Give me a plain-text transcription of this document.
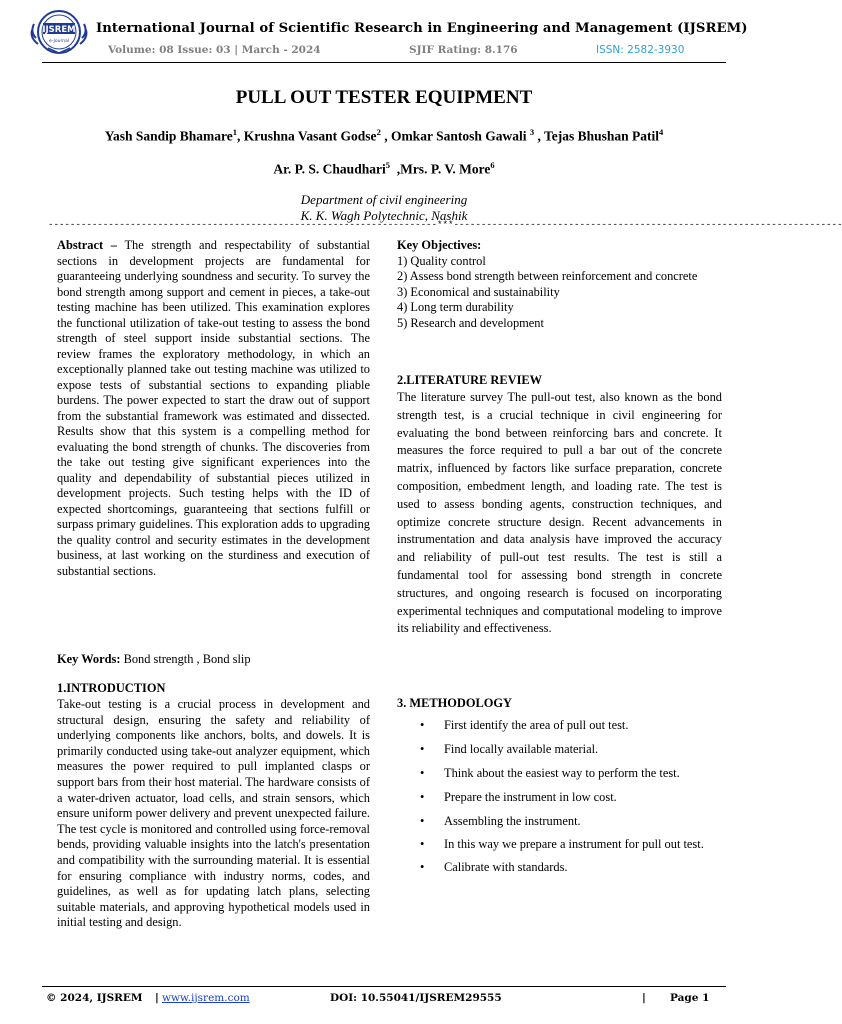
IJSREM
e-Journal
International Journal of Scientific Research in Engineering and Management (IJSREM)
Volume: 08 Issue: 03 | March - 2024	SJIF Rating: 8.176	ISSN: 2582-3930
PULL OUT TESTER EQUIPMENT
Yash Sandip Bhamare$^1$, Krushna Vasant Godse$^2$ , Omkar Santosh Gawali $^3$ , Tejas Bhushan Patil$^4$
Ar. P. S. Chaudhari$^5$  ,Mrs. P. V. More$^6$
Department of civil engineering
K. K. Wagh Polytechnic, Nashik
-----------------------------------------------------------------------***-----------------------------------------------------------------------
Abstract – The strength and respectability of substantial sections in development projects are fundamental for guaranteeing underlying soundness and security. To survey the bond strength among support and cement in pieces, a take-out testing machine has been utilized. This examination explores the functional utilization of take-out testing to assess the bond strength of steel support inside substantial sections. The review frames the exploratory methodology, in which an exceptionally planned take out testing machine was utilized to expose tests of substantial sections to expanding pliable burdens. The power expected to start the draw out of support from the substantial framework was estimated and dissected. Results show that this system is a compelling method for evaluating the bond strength of chunks. The discoveries from the take out testing give significant experiences into the quality and dependability of substantial pieces utilized in development projects. Such testing helps with the ID of expected shortcomings, guaranteeing that sections fulfill or surpass primary guidelines. This exploration adds to upgrading the quality control and security estimates in the development business, at last working on the sturdiness and execution of substantial sections.
Key Words: Bond strength , Bond slip
1.INTRODUCTION
Take-out testing is a crucial process in development and structural design, ensuring the safety and reliability of underlying components like anchors, bolts, and dowels. It is primarily conducted using take-out analyzer equipment, which measures the power required to pull implanted clasps or support bars from their host material. The hardware consists of a water-driven actuator, load cells, and strain sensors, which ensure uniform power delivery and prevent unexpected failure. The test cycle is monitored and controlled using force-removal bends, providing valuable insights into the latch's presentation and compatibility with the surrounding material. It is essential for ensuring compliance with industry norms, codes, and guidelines, as well as for updating latch plans, selecting suitable materials, and approving hypothetical models used in initial testing and design.
Key Objectives:
1) Quality control
2) Assess bond strength between reinforcement and concrete
3) Economical and sustainability
4) Long term durability
5) Research and development
2.LITERATURE REVIEW
The literature survey The pull-out test, also known as the bond strength test, is a crucial technique in civil engineering for evaluating the bond between reinforcing bars and concrete. It measures the force required to pull a bar out of the concrete matrix, influenced by factors like surface preparation, concrete composition, embedment length, and loading rate. The test is used to assess bonding agents, construction techniques, and optimize concrete structure design. Recent advancements in instrumentation and data analysis have improved the accuracy and reliability of pull-out test results. The test is still a fundamental tool for assessing bond strength in concrete structures, and ongoing research is focused on incorporating experimental techniques and computational modeling to improve its reliability and effectiveness.
3. METHODOLOGY
• First identify the area of pull out test.
• Find locally available material.
• Think about the easiest way to perform the test.
• Prepare the instrument in low cost.
• Assembling the instrument.
• In this way we prepare a instrument for pull out test.
• Calibrate with standards.
© 2024, IJSREM | www.ijsrem.com	DOI: 10.55041/IJSREM29555	| Page 1
